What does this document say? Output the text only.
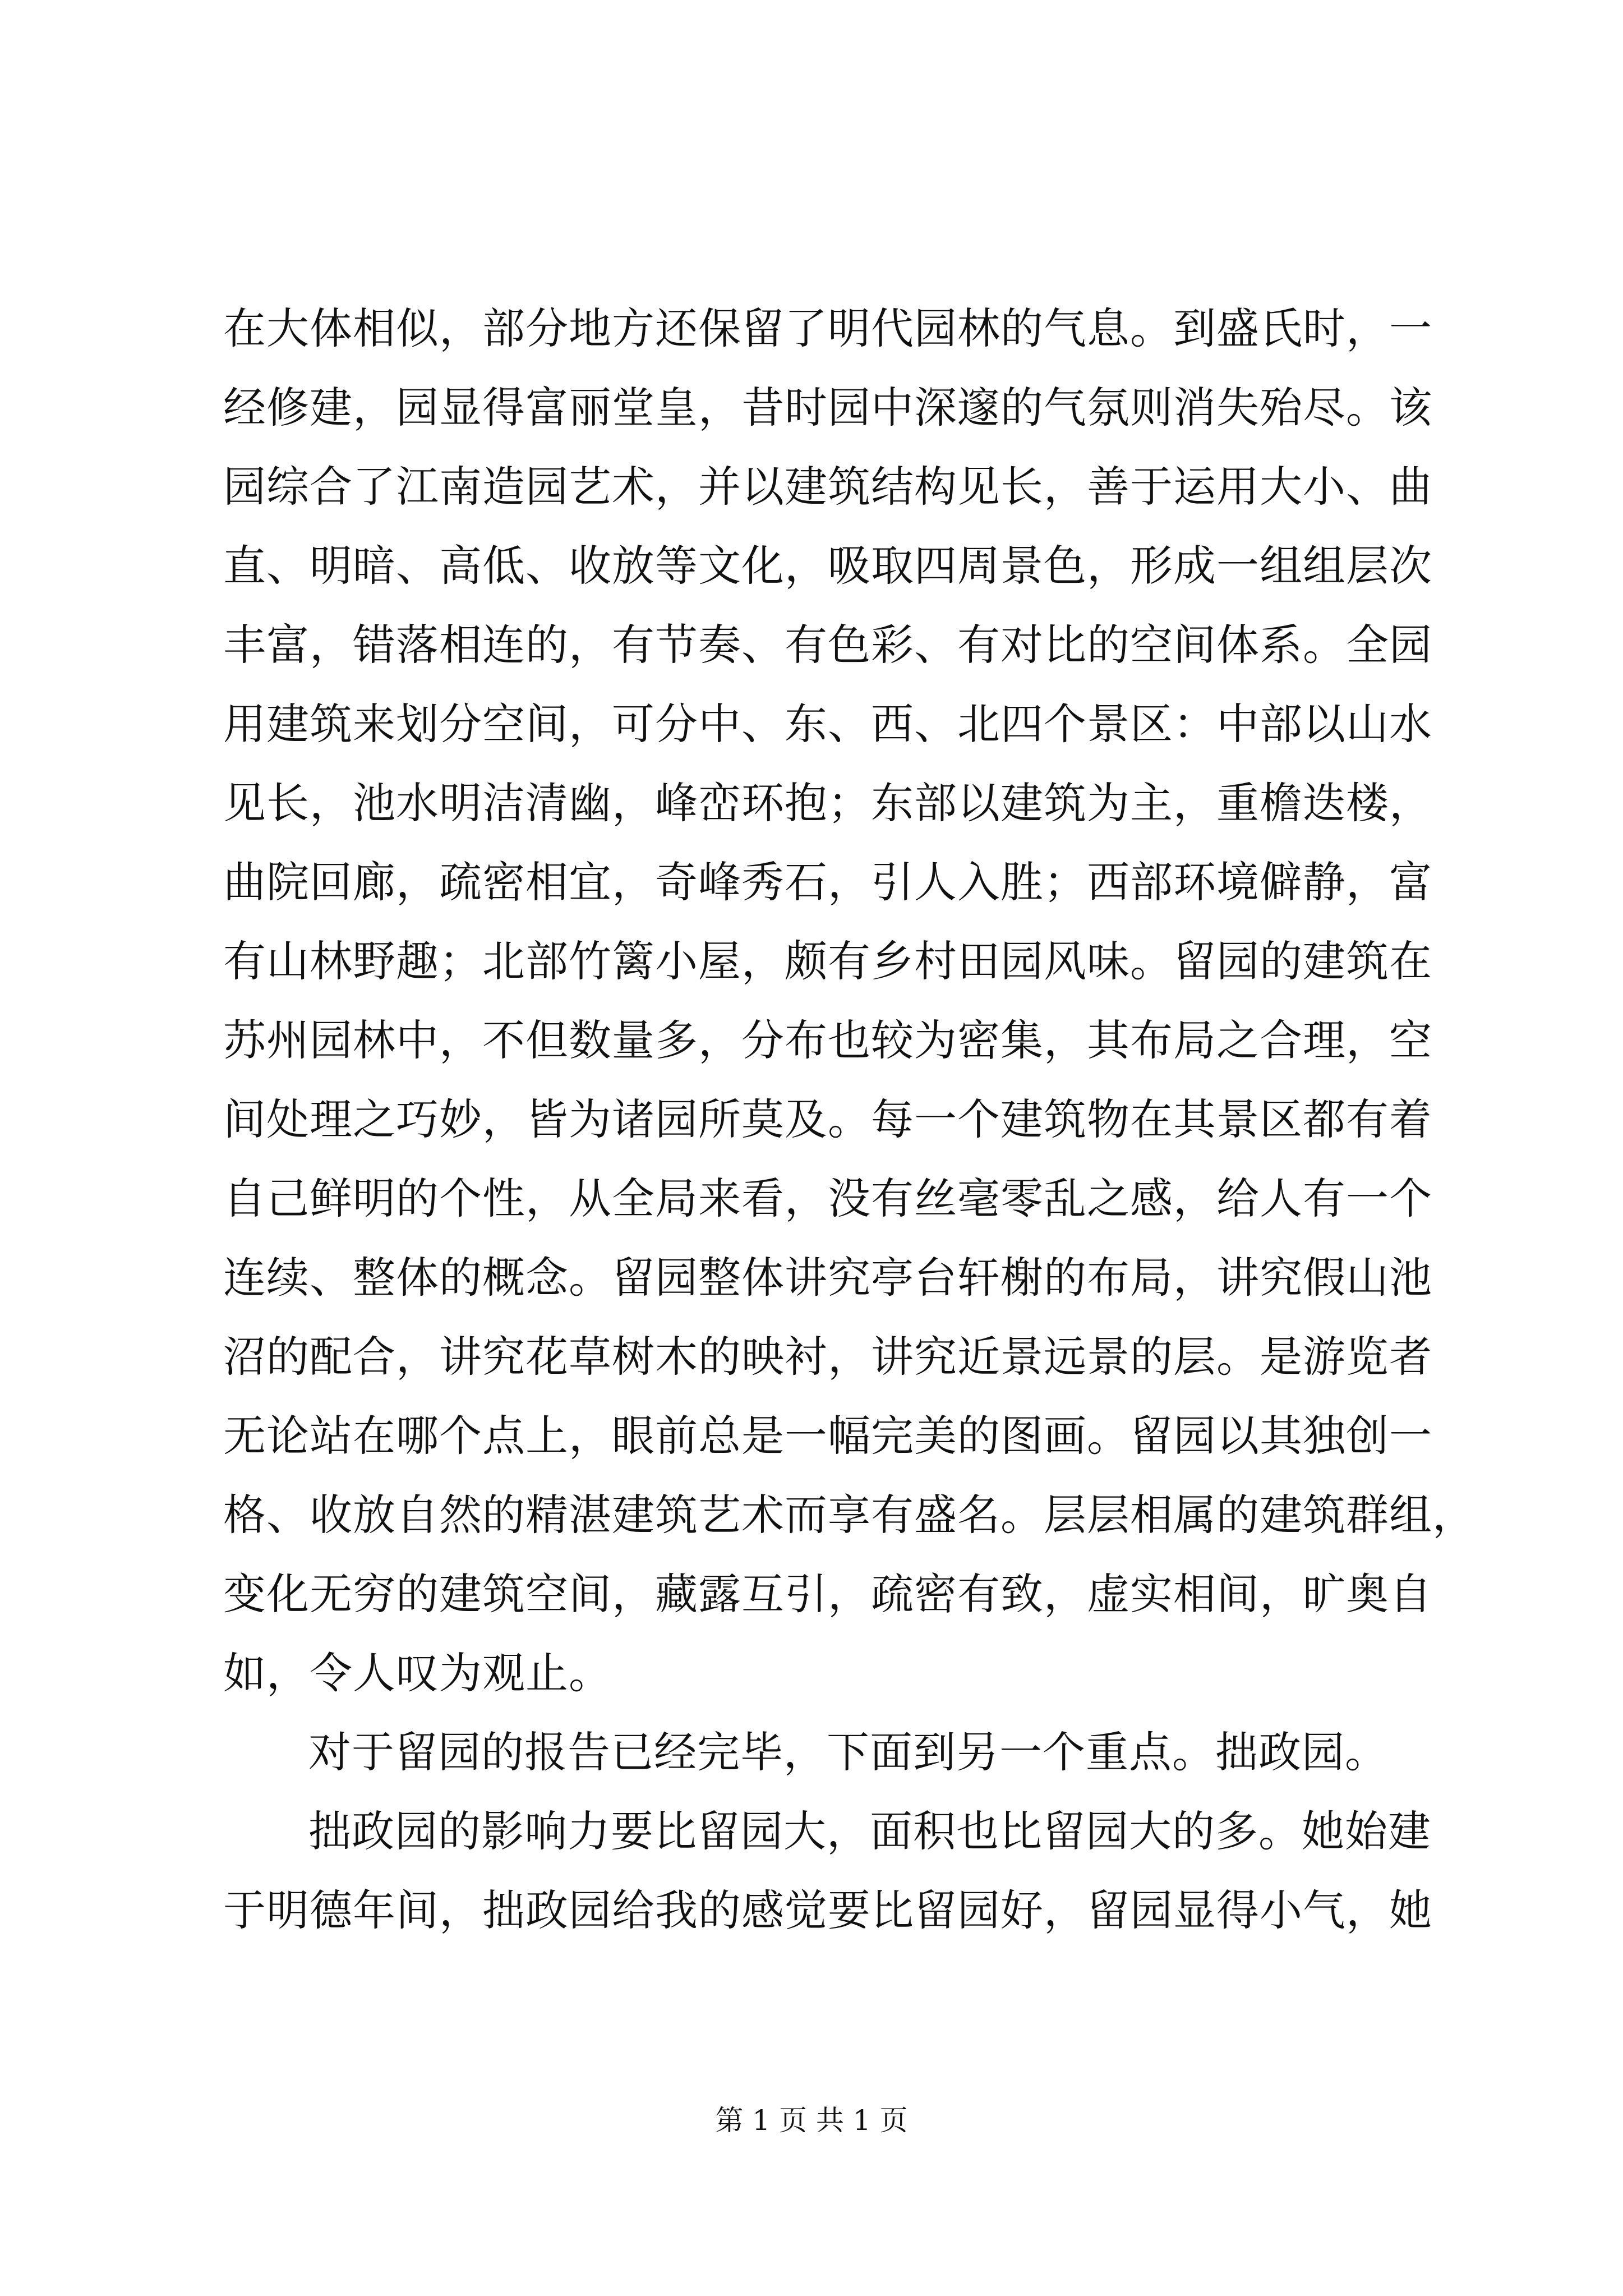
在大体相似，部分地方还保留了明代园林的气息。到盛氏时，一
经修建，园显得富丽堂皇，昔时园中深邃的气氛则消失殆尽。该
园综合了江南造园艺术，并以建筑结构见长，善于运用大小、曲
直、明暗、高低、收放等文化，吸取四周景色，形成一组组层次
丰富，错落相连的，有节奏、有色彩、有对比的空间体系。全园
用建筑来划分空间，可分中、东、西、北四个景区：中部以山水
见长，池水明洁清幽，峰峦环抱；东部以建筑为主，重檐迭楼，
曲院回廊，疏密相宜，奇峰秀石，引人入胜；西部环境僻静，富
有山林野趣；北部竹篱小屋，颇有乡村田园风味。留园的建筑在
苏州园林中，不但数量多，分布也较为密集，其布局之合理，空
间处理之巧妙，皆为诸园所莫及。每一个建筑物在其景区都有着
自己鲜明的个性，从全局来看，没有丝毫零乱之感，给人有一个
连续、整体的概念。留园整体讲究亭台轩榭的布局，讲究假山池
沼的配合，讲究花草树木的映衬，讲究近景远景的层。是游览者
无论站在哪个点上，眼前总是一幅完美的图画。留园以其独创一
格、收放自然的精湛建筑艺术而享有盛名。层层相属的建筑群组，
变化无穷的建筑空间，藏露互引，疏密有致，虚实相间，旷奥自
如，令人叹为观止。
对于留园的报告已经完毕，下面到另一个重点。拙政园。
拙政园的影响力要比留园大，面积也比留园大的多。她始建
于明德年间，拙政园给我的感觉要比留园好，留园显得小气，她
第 1 页 共 1 页
